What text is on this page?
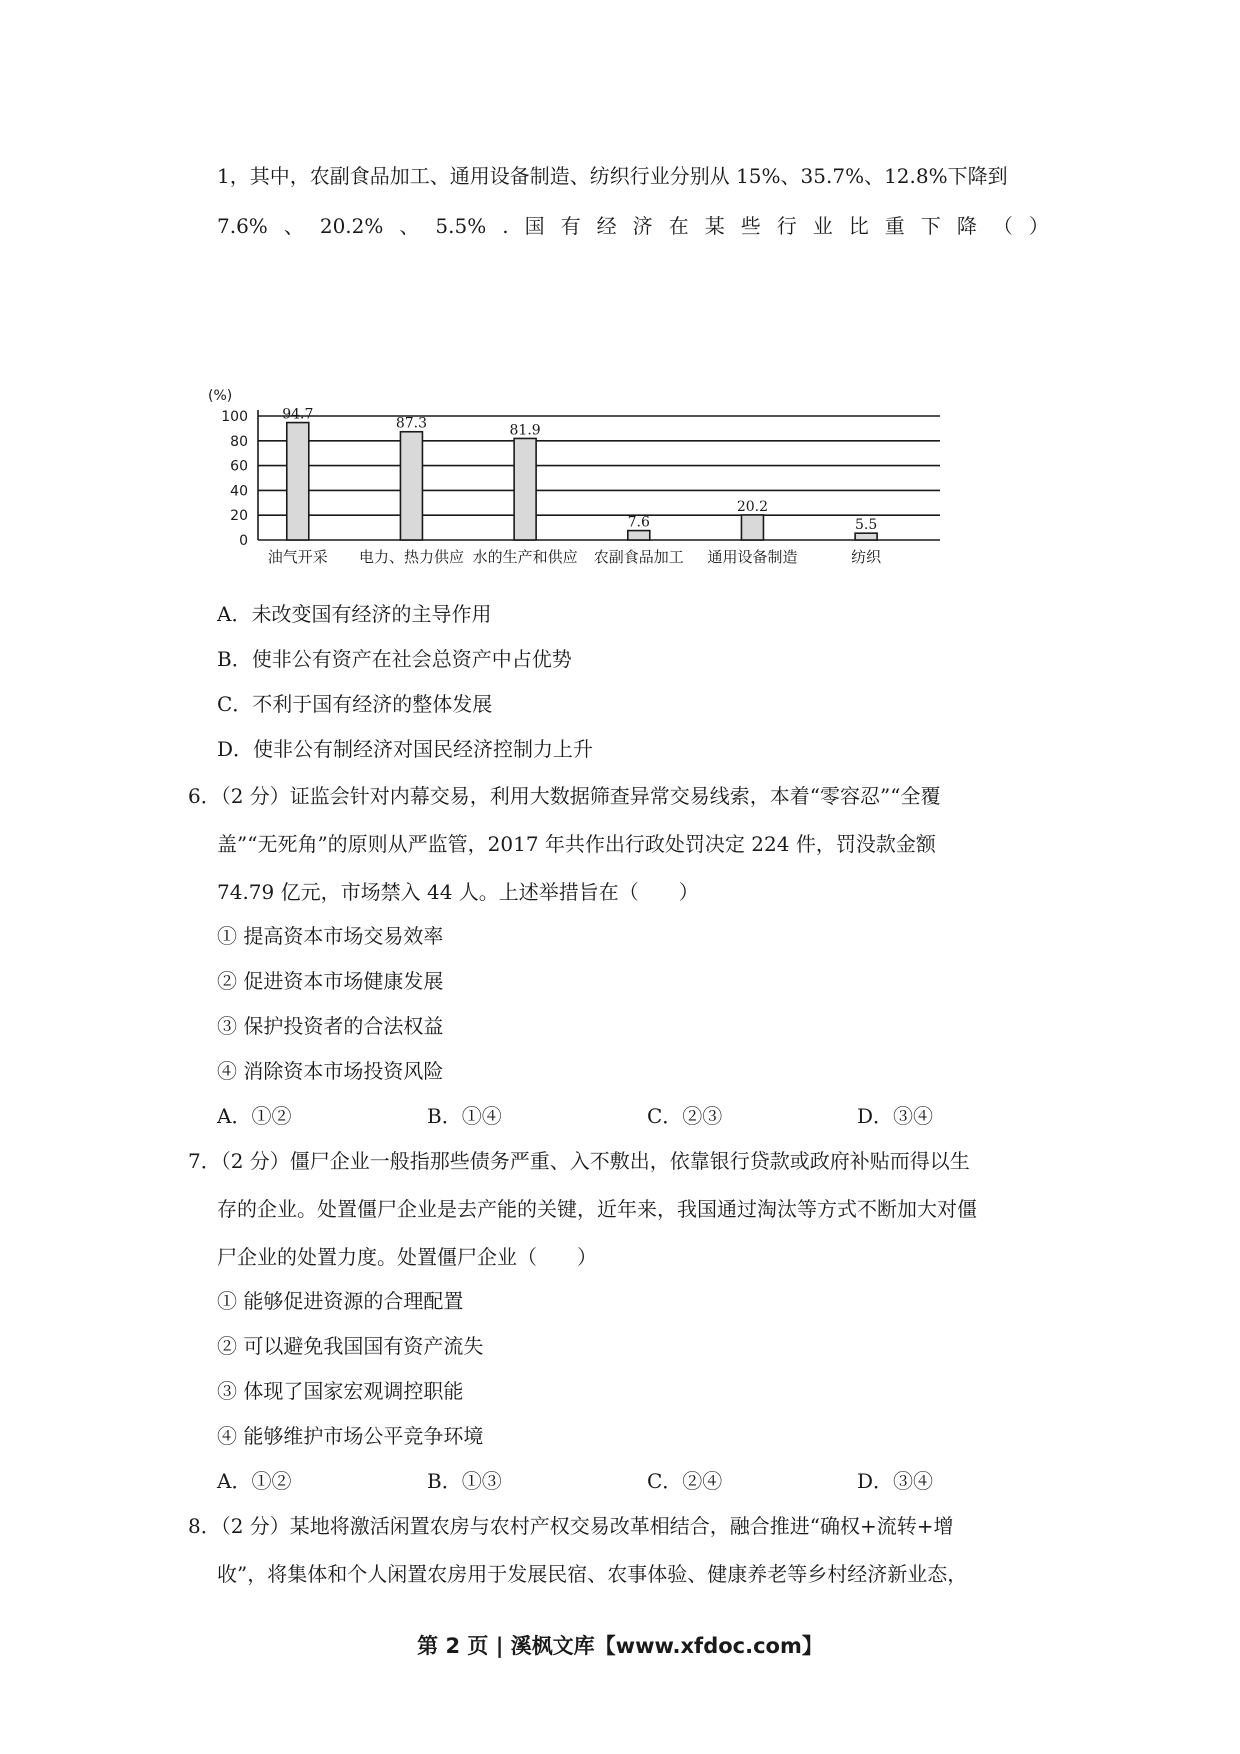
1，其中，农副食品加工、通用设备制造、纺织行业分别从 15%、35.7%、12.8%下降到
7.6% 、 20.2% 、 5.5% . 国 有 经 济 在 某 些 行 业 比 重 下 降 （ ）
(%)
0
20
40
60
80
100 94.7
油气开采
87.3
电力、热力供应
81.9
水的生产和供应
7.6
农副食品加工
20.2
通用设备制造
5.5
纺织
A．未改变国有经济的主导作用
B．使非公有资产在社会总资产中占优势
C．不利于国有经济的整体发展
D．使非公有制经济对国民经济控制力上升
6．（2 分）证监会针对内幕交易，利用大数据筛查异常交易线索，本着“零容忍”“全覆
盖”“无死角”的原则从严监管，2017 年共作出行政处罚决定 224 件，罚没款金额
74.79 亿元，市场禁入 44 人。上述举措旨在（　　）
① 提高资本市场交易效率
② 促进资本市场健康发展
③ 保护投资者的合法权益
④ 消除资本市场投资风险
A．①②	B．①④	C．②③	D．③④
7．（2 分）僵尸企业一般指那些债务严重、入不敷出，依靠银行贷款或政府补贴而得以生
存的企业。处置僵尸企业是去产能的关键，近年来，我国通过淘汰等方式不断加大对僵
尸企业的处置力度。处置僵尸企业（　　）
① 能够促进资源的合理配置
② 可以避免我国国有资产流失
③ 体现了国家宏观调控职能
④ 能够维护市场公平竞争环境
A．①②	B．①③	C．②④	D．③④
8．（2 分）某地将激活闲置农房与农村产权交易改革相结合，融合推进“确权+流转+增
收”，将集体和个人闲置农房用于发展民宿、农事体验、健康养老等乡村经济新业态，
第 2 页 | 溪枫文库【www.xfdoc.com】
